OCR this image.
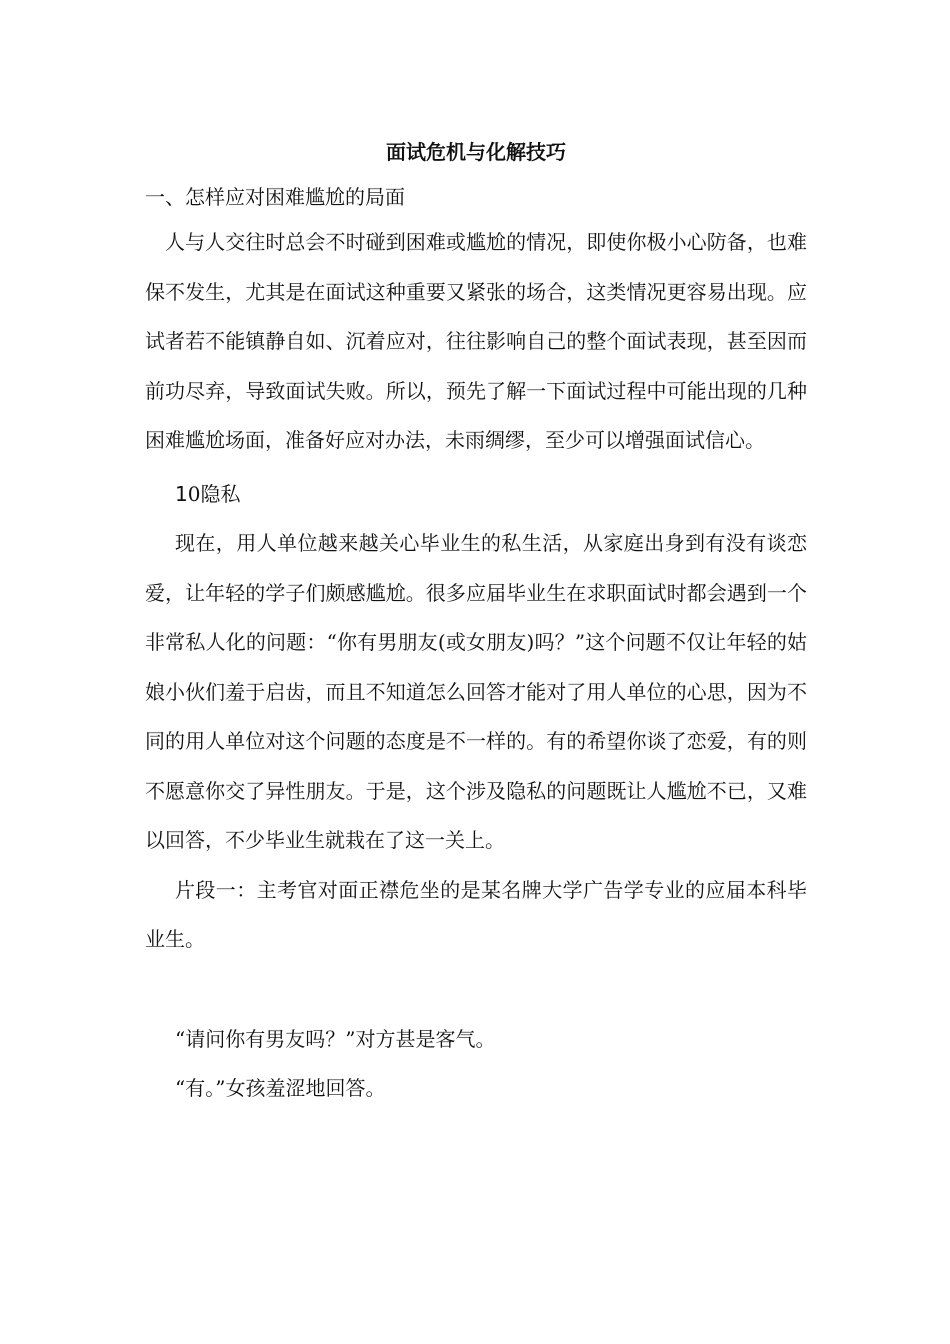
面试危机与化解技巧

一、怎样应对困难尴尬的局面

人与人交往时总会不时碰到困难或尴尬的情况，即使你极小心防备，也难保不发生，尤其是在面试这种重要又紧张的场合，这类情况更容易出现。应试者若不能镇静自如、沉着应对，往往影响自己的整个面试表现，甚至因而前功尽弃，导致面试失败。所以，预先了解一下面试过程中可能出现的几种困难尴尬场面，准备好应对办法，未雨绸缪，至少可以增强面试信心。

10隐私

现在，用人单位越来越关心毕业生的私生活，从家庭出身到有没有谈恋爱，让年轻的学子们颇感尴尬。很多应届毕业生在求职面试时都会遇到一个非常私人化的问题：“你有男朋友(或女朋友)吗？”这个问题不仅让年轻的姑娘小伙们羞于启齿，而且不知道怎么回答才能对了用人单位的心思，因为不同的用人单位对这个问题的态度是不一样的。有的希望你谈了恋爱，有的则不愿意你交了异性朋友。于是，这个涉及隐私的问题既让人尴尬不已，又难以回答，不少毕业生就栽在了这一关上。

片段一：主考官对面正襟危坐的是某名牌大学广告学专业的应届本科毕业生。

“请问你有男友吗？”对方甚是客气。

“有。”女孩羞涩地回答。
